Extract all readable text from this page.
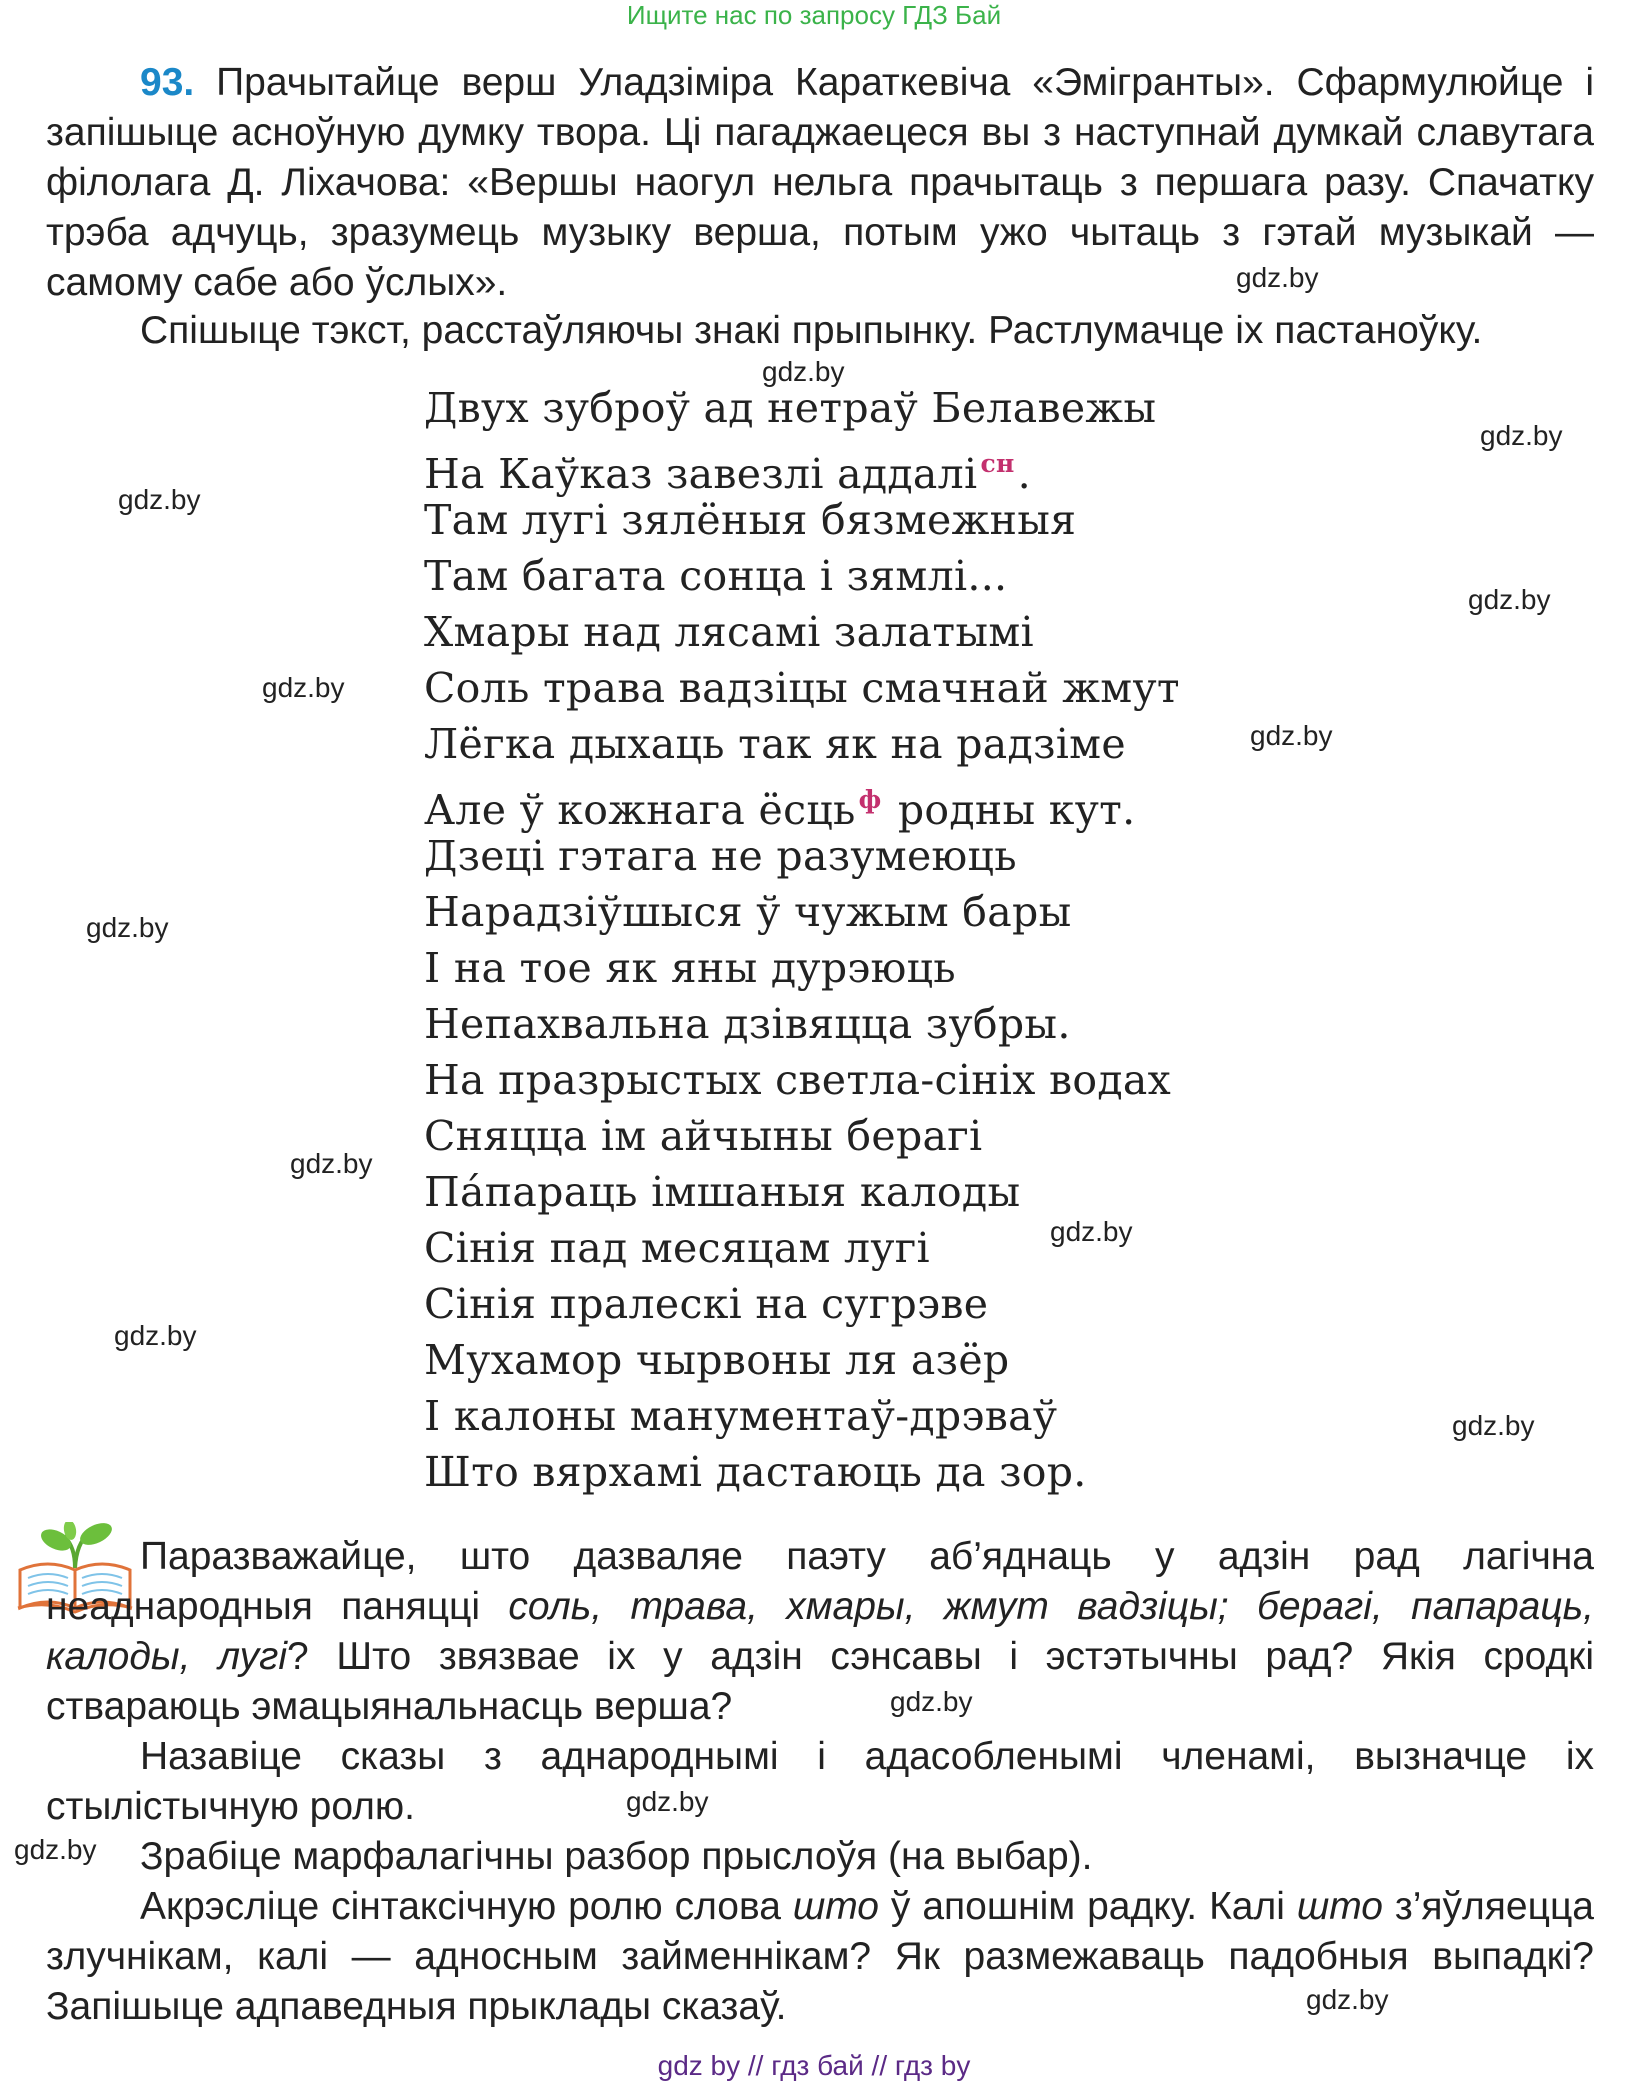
Ищите нас по запросу ГДЗ Бай
93. Прачытайце верш Уладзіміра Караткевіча «Эмігранты». Сфармулюйце і запішыце асноўную думку твора. Ці пагаджаецеся вы з наступнай думкай славутага філолага Д. Ліхачова: «Вершы наогул нельга прачытаць з першага разу. Спачатку трэба адчуць, зразумець музыку верша, потым ужо чытаць з гэтай музыкай — самому сабе або ўслых».
Спішыце тэкст, расстаўляючы знакі прыпынку. Растлумачце іх пастаноўку.
Двух зуброў ад нетраў Белавежы
На Каўказ завезлі аддалі $^{сн}$.
Там лугі зялёныя бязмежныя
Там багата сонца і зямлі...
Хмары над лясамі залатымі
Соль трава вадзіцы смачнай жмут
Лёгка дыхаць так як на радзіме
Але ў кожнага ёсць $^ф$ родны кут.
Дзеці гэтага не разумеюць
Нарадзіўшыся ў чужым бары
І на тое як яны дурэюць
Непахвальна дзівяцца зубры.
На празрыстых светла-сініх водах
Сняцца ім айчыны берагі
Па́параць імшаныя калоды
Сінія пад месяцам лугі
Сінія пралескі на сугрэве
Мухамор чырвоны ля азёр
І калоны манументаў-дрэваў
Што вярхамі дастаюць да зор.
Паразважайце, што дазваляе паэту аб’яднаць у адзін рад лагічна неаднародныя паняцці соль, трава, хмары, жмут вадзіцы; берагі, папараць, калоды, лугі? Што звязвае іх у адзін сэнсавы і эстэтычны рад? Якія сродкі ствараюць эмацыянальнасць верша?
Назавіце сказы з аднароднымі і адасобленымі членамі, вызначце іх стылістычную ролю.
Зрабіце марфалагічны разбор прыслоўя (на выбар).
Акрэсліце сінтаксічную ролю слова што ў апошнім радку. Калі што з’яўляецца злучнікам, калі — адносным займеннікам? Як размежаваць падобныя выпадкі? Запішыце адпаведныя прыклады сказаў.
gdz.by
gdz.by
gdz.by
gdz.by
gdz.by
gdz.by
gdz.by
gdz.by
gdz.by
gdz.by
gdz.by
gdz.by
gdz.by
gdz.by
gdz.by
gdz.by
gdz by // гдз бай // гдз by
